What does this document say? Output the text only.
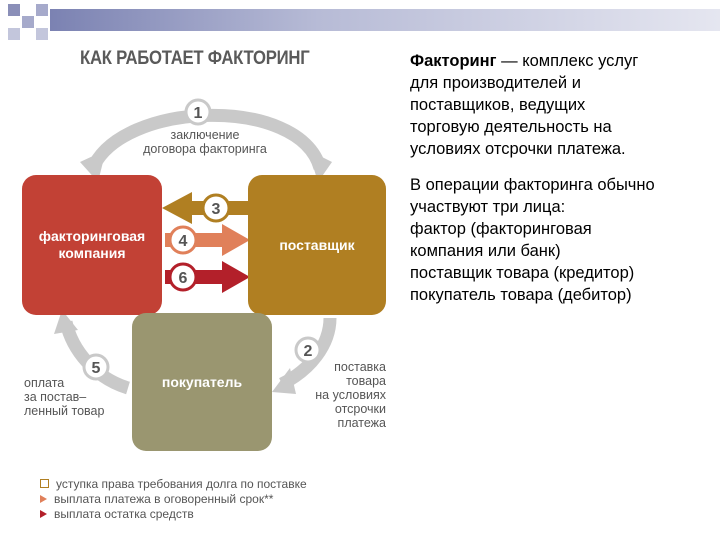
КАК РАБОТАЕТ ФАКТОРИНГ
1
2
3
4
5
6
факторинговая
компания
поставщик
покупатель
заключение
договора факторинга
поставка
товара
на условиях
отсрочки
платежа
оплата
за постав–
ленный товар
уступка права требования долга по поставке
выплата платежа в оговоренный срок**
выплата остатка средств

Факторинг — комплекс услуг
для производителей и
поставщиков, ведущих
торговую деятельность на
условиях отсрочки платежа.

В операции факторинга обычно
участвуют три лица:
фактор (факторинговая
компания или банк)
поставщик товара (кредитор)
покупатель товара (дебитор)
